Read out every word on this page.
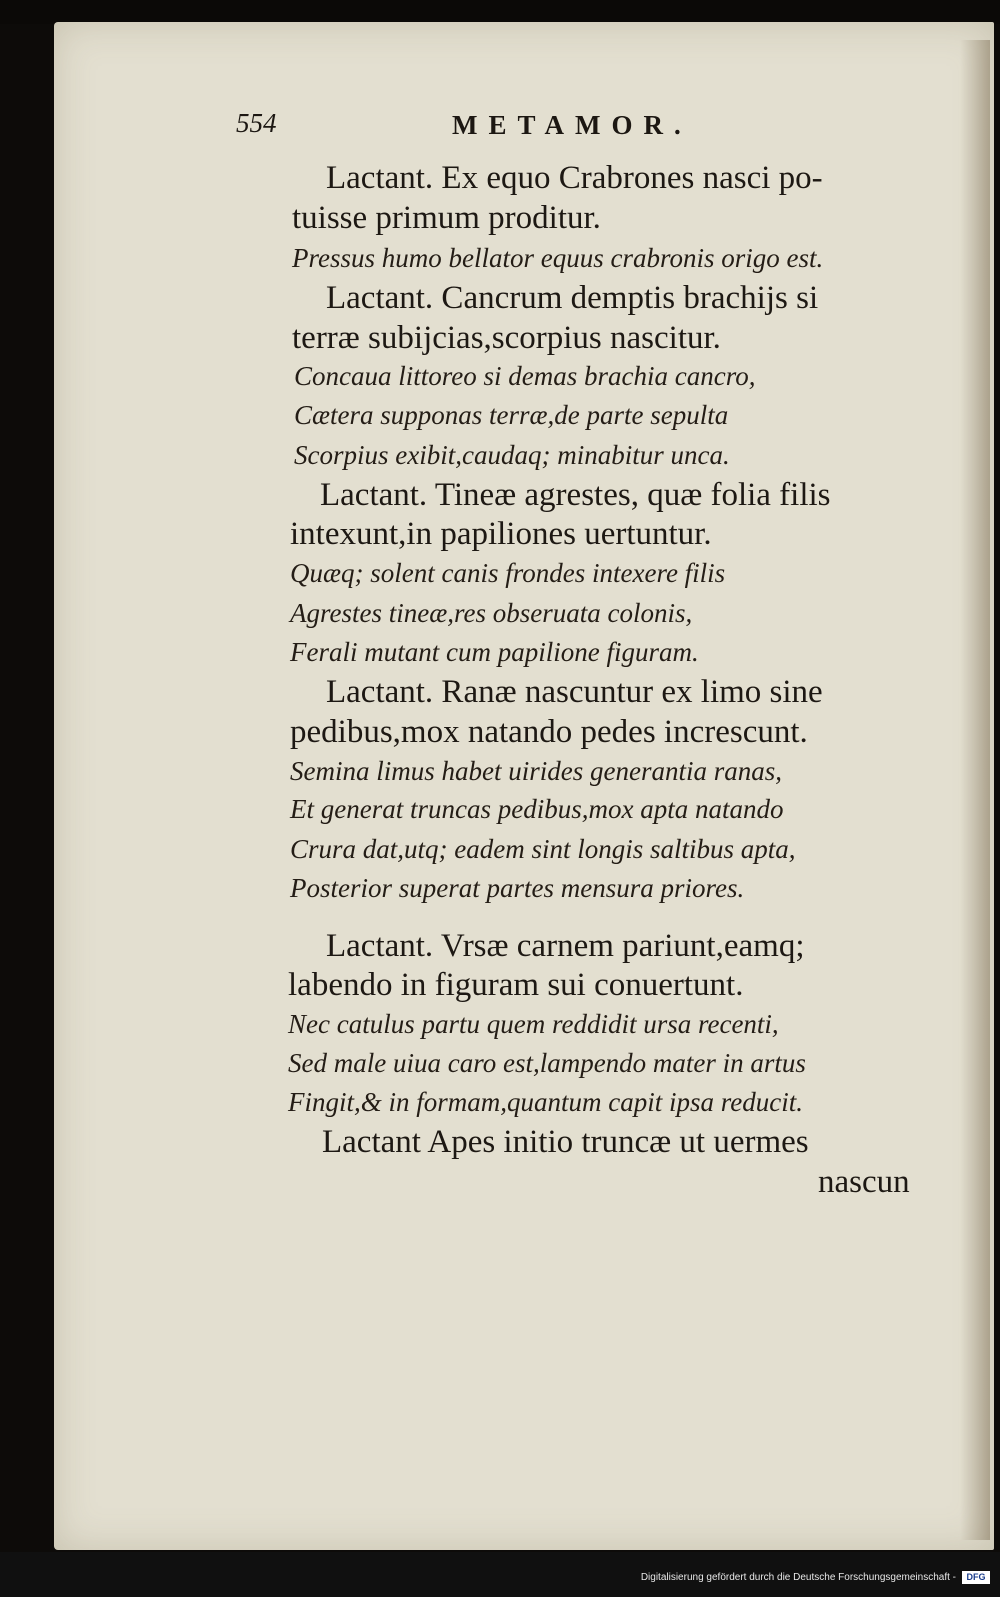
554	METAMOR.
Lactant. Ex equo Crabrones nasci po-
tuisse primum proditur.
Pressus humo bellator equus crabronis origo est.
Lactant. Cancrum demptis brachijs si
terræ subijcias,scorpius nascitur.
Concaua littoreo si demas brachia cancro,
Cætera supponas terræ,de parte sepulta
Scorpius exibit,caudaq; minabitur unca.
Lactant. Tineæ agrestes, quæ folia filis
intexunt,in papiliones uertuntur.
Quæq; solent canis frondes intexere filis
Agrestes tineæ,res obseruata colonis,
Ferali mutant cum papilione figuram.
Lactant. Ranæ nascuntur ex limo sine
pedibus,mox natando pedes increscunt.
Semina limus habet uirides generantia ranas,
Et generat truncas pedibus,mox apta natando
Crura dat,utq; eadem sint longis saltibus apta,
Posterior superat partes mensura priores.
Lactant. Vrsæ carnem pariunt,eamq;
labendo in figuram sui conuertunt.
Nec catulus partu quem reddidit ursa recenti,
Sed male uiua caro est,lampendo mater in artus
Fingit,& in formam,quantum capit ipsa reducit.
Lactant Apes initio truncæ ut uermes
nascun
Digitalisierung gefördert durch die Deutsche Forschungsgemeinschaft -	DFG
